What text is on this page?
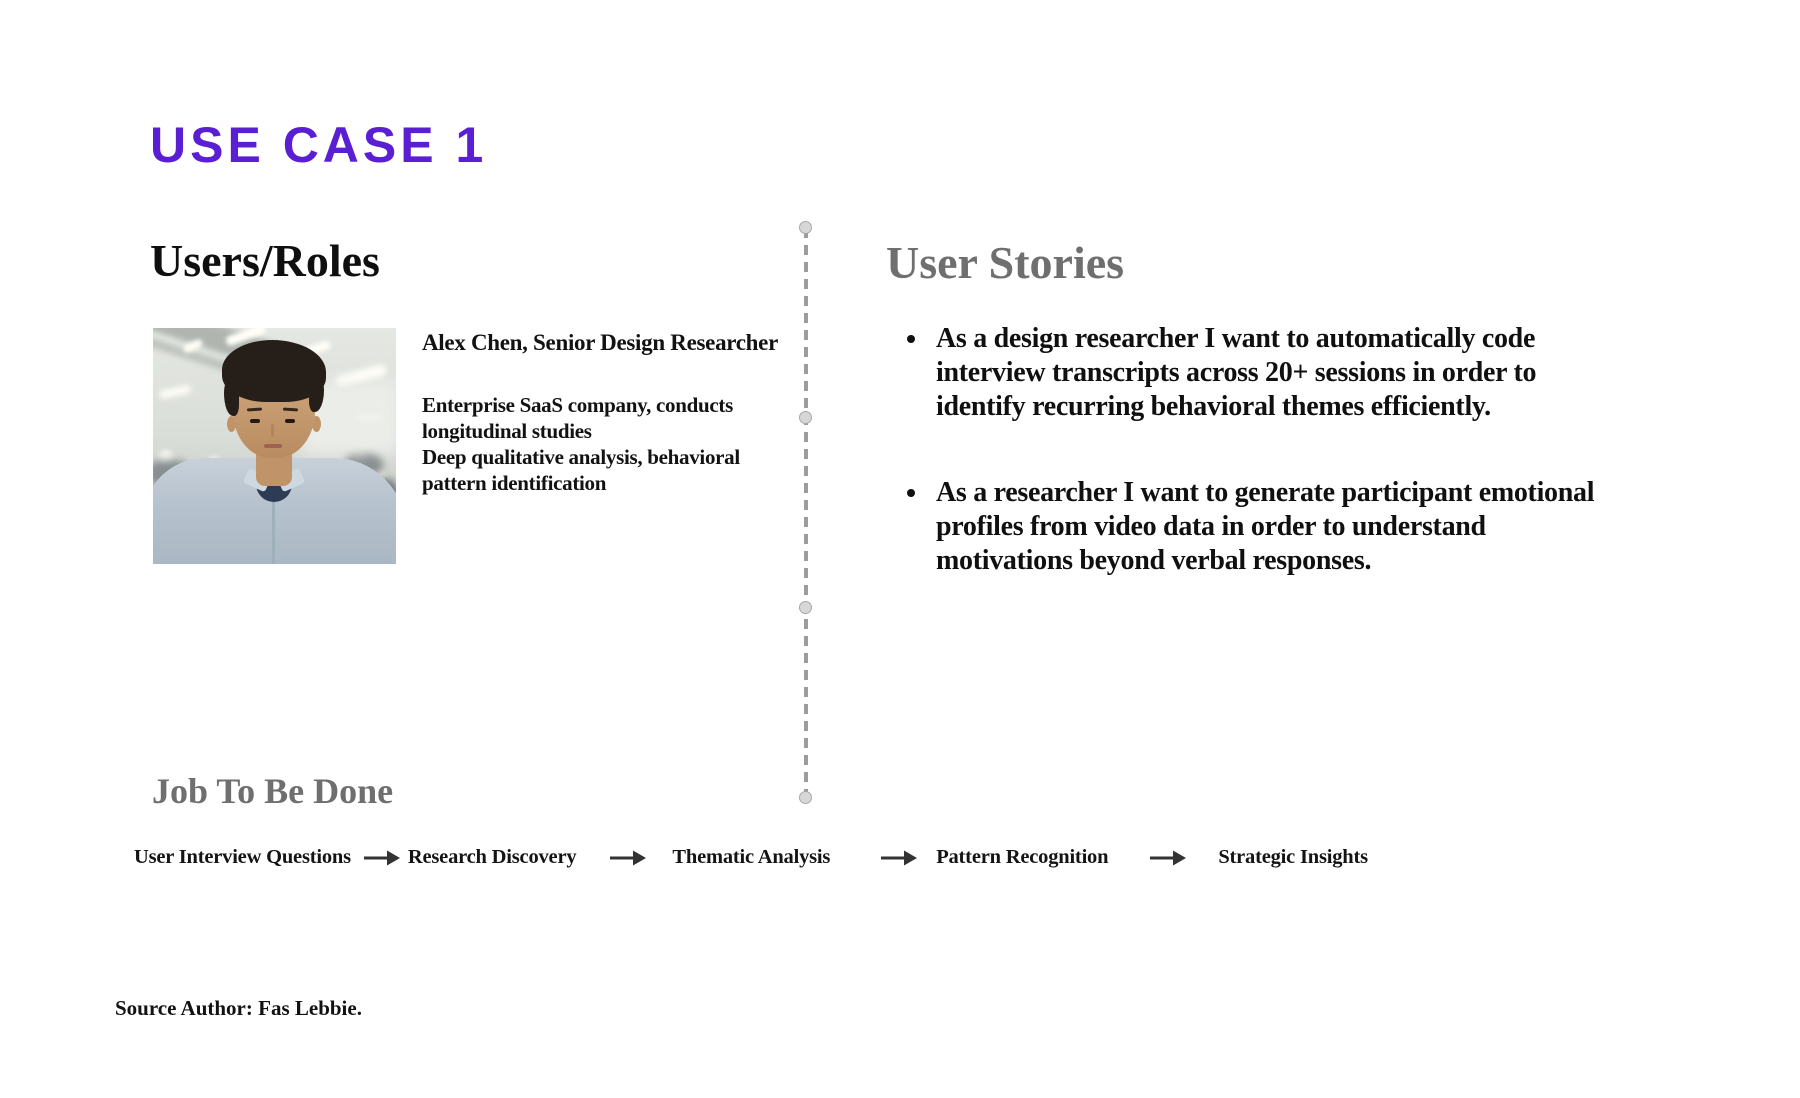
USE CASE 1
Users/Roles
Alex Chen, Senior Design Researcher

Enterprise SaaS company, conducts longitudinal studies

Deep qualitative analysis, behavioral pattern identification

User Stories
• As a design researcher I want to automatically code interview transcripts across 20+ sessions in order to identify recurring behavioral themes efficiently.
• As a researcher I want to generate participant emotional profiles from video data in order to understand motivations beyond verbal responses.
Job To Be Done
User Interview Questions	Research Discovery	Thematic Analysis	Pattern Recognition	Strategic Insights
Source Author: Fas Lebbie.
